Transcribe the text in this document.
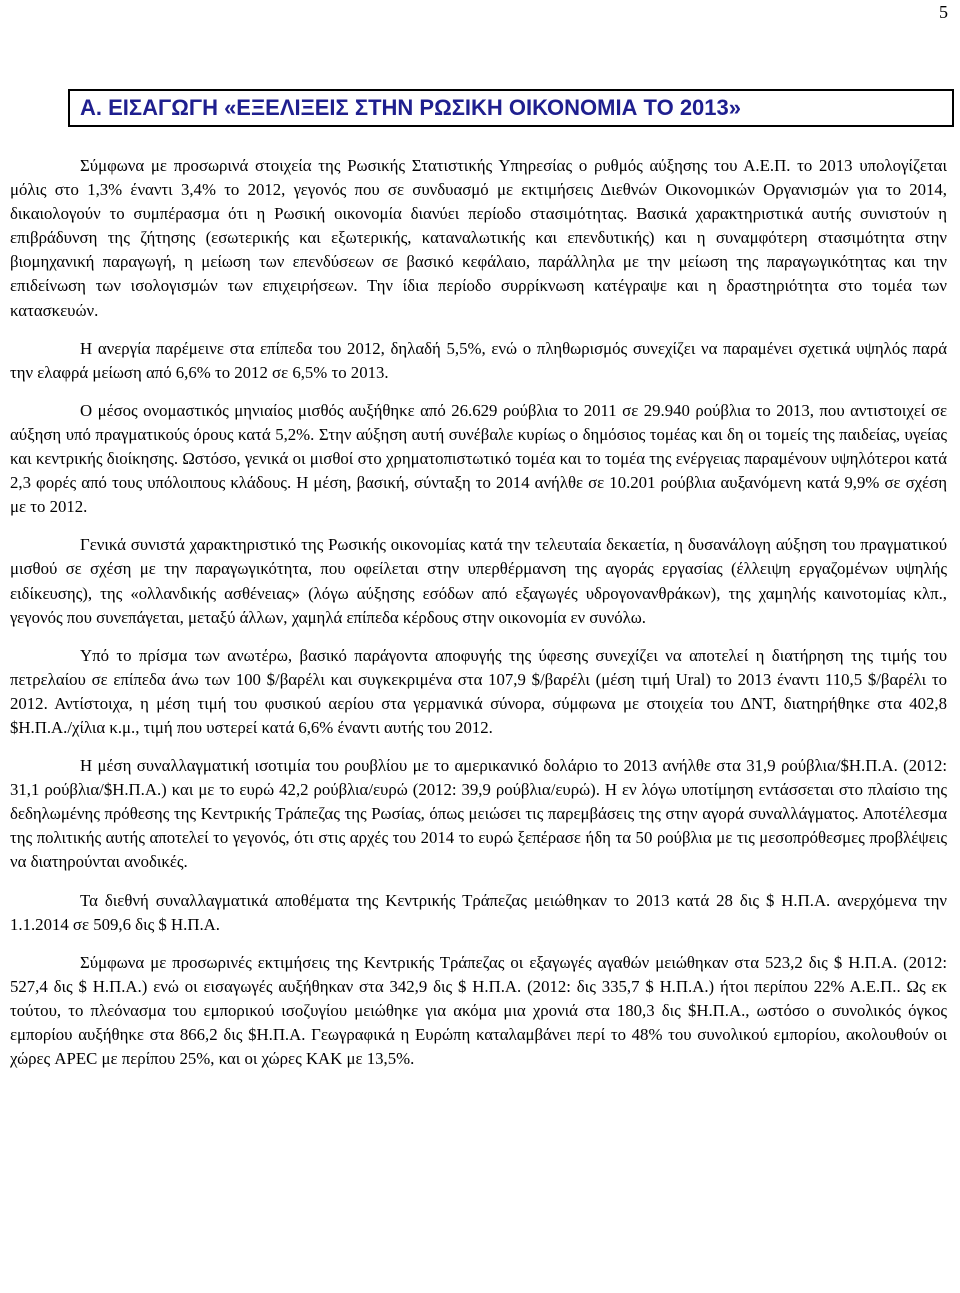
5
Α. ΕΙΣΑΓΩΓΗ «ΕΞΕΛΙΞΕΙΣ ΣΤΗΝ ΡΩΣΙΚΗ ΟΙΚΟΝΟΜΙΑ ΤΟ 2013»

Σύμφωνα με προσωρινά στοιχεία της Ρωσικής Στατιστικής Υπηρεσίας ο ρυθμός αύξησης του Α.Ε.Π. το 2013 υπολογίζεται μόλις στο 1,3% έναντι 3,4% το 2012, γεγονός που σε συνδυασμό με εκτιμήσεις Διεθνών Οικονομικών Οργανισμών για το 2014, δικαιολογούν το συμπέρασμα ότι η Ρωσική οικονομία διανύει περίοδο στασιμότητας. Βασικά χαρακτηριστικά αυτής συνιστούν η επιβράδυνση της ζήτησης (εσωτερικής και εξωτερικής, καταναλωτικής και επενδυτικής) και η συναμφότερη στασιμότητα στην βιομηχανική παραγωγή, η μείωση των επενδύσεων σε βασικό κεφάλαιο, παράλληλα με την μείωση της παραγωγικότητας και την επιδείνωση των ισολογισμών των επιχειρήσεων. Την ίδια περίοδο συρρίκνωση κατέγραψε και η δραστηριότητα στο τομέα των κατασκευών.

Η ανεργία παρέμεινε στα επίπεδα του 2012, δηλαδή 5,5%, ενώ ο πληθωρισμός συνεχίζει να παραμένει σχετικά υψηλός παρά την ελαφρά μείωση από 6,6% το 2012 σε 6,5% το 2013.

Ο μέσος ονομαστικός μηνιαίος μισθός αυξήθηκε από 26.629 ρούβλια το 2011 σε 29.940 ρούβλια το 2013, που αντιστοιχεί σε αύξηση υπό πραγματικούς όρους κατά 5,2%. Στην αύξηση αυτή συνέβαλε κυρίως ο δημόσιος τομέας και δη οι τομείς της παιδείας, υγείας και κεντρικής διοίκησης. Ωστόσο, γενικά οι μισθοί στο χρηματοπιστωτικό τομέα και το τομέα της ενέργειας παραμένουν υψηλότεροι κατά 2,3 φορές από τους υπόλοιπους κλάδους. Η μέση, βασική, σύνταξη το 2014 ανήλθε σε 10.201 ρούβλια αυξανόμενη κατά 9,9% σε σχέση με το 2012.

Γενικά συνιστά χαρακτηριστικό της Ρωσικής οικονομίας κατά την τελευταία δεκαετία, η δυσανάλογη αύξηση του πραγματικού μισθού σε σχέση με την παραγωγικότητα, που οφείλεται στην υπερθέρμανση της αγοράς εργασίας (έλλειψη εργαζομένων υψηλής ειδίκευσης), της «ολλανδικής ασθένειας» (λόγω αύξησης εσόδων από εξαγωγές υδρογονανθράκων), της χαμηλής καινοτομίας κλπ., γεγονός που συνεπάγεται, μεταξύ άλλων, χαμηλά επίπεδα κέρδους στην οικονομία εν συνόλω.

Υπό το πρίσμα των ανωτέρω, βασικό παράγοντα αποφυγής της ύφεσης συνεχίζει να αποτελεί η διατήρηση της τιμής του πετρελαίου σε επίπεδα άνω των 100 $/βαρέλι και συγκεκριμένα στα 107,9 $/βαρέλι (μέση τιμή Ural) το 2013 έναντι 110,5 $/βαρέλι το 2012. Αντίστοιχα, η μέση τιμή του φυσικού αερίου στα γερμανικά σύνορα, σύμφωνα με στοιχεία του ΔΝΤ, διατηρήθηκε στα 402,8 $Η.Π.Α./χίλια κ.μ., τιμή που υστερεί κατά 6,6% έναντι αυτής του 2012.

Η μέση συναλλαγματική ισοτιμία του ρουβλίου με το αμερικανικό δολάριο το 2013 ανήλθε στα 31,9 ρούβλια/$Η.Π.Α. (2012: 31,1 ρούβλια/$Η.Π.Α.) και με το ευρώ 42,2 ρούβλια/ευρώ (2012: 39,9 ρούβλια/ευρώ). Η εν λόγω υποτίμηση εντάσσεται στο πλαίσιο της δεδηλωμένης πρόθεσης της Κεντρικής Τράπεζας της Ρωσίας, όπως μειώσει τις παρεμβάσεις της στην αγορά συναλλάγματος. Αποτέλεσμα της πολιτικής αυτής αποτελεί το γεγονός, ότι στις αρχές του 2014 το ευρώ ξεπέρασε ήδη τα 50 ρούβλια με τις μεσοπρόθεσμες προβλέψεις να διατηρούνται ανοδικές.

Τα διεθνή συναλλαγματικά αποθέματα της Κεντρικής Τράπεζας μειώθηκαν το 2013 κατά 28 δις $ Η.Π.Α. ανερχόμενα την 1.1.2014 σε 509,6 δις $ Η.Π.Α.

Σύμφωνα με προσωρινές εκτιμήσεις της Κεντρικής Τράπεζας οι εξαγωγές αγαθών μειώθηκαν στα 523,2 δις $ Η.Π.Α. (2012: 527,4 δις $ Η.Π.Α.) ενώ οι εισαγωγές αυξήθηκαν στα 342,9 δις $ Η.Π.Α. (2012: δις 335,7 $ Η.Π.Α.) ήτοι περίπου 22% Α.Ε.Π.. Ως εκ τούτου, το πλεόνασμα του εμπορικού ισοζυγίου μειώθηκε για ακόμα μια χρονιά στα 180,3 δις $Η.Π.Α., ωστόσο ο συνολικός όγκος εμπορίου αυξήθηκε στα 866,2 δις $Η.Π.Α. Γεωγραφικά η Ευρώπη καταλαμβάνει περί το 48% του συνολικού εμπορίου, ακολουθούν οι χώρες APEC με περίπου 25%, και οι χώρες ΚΑΚ με 13,5%.
